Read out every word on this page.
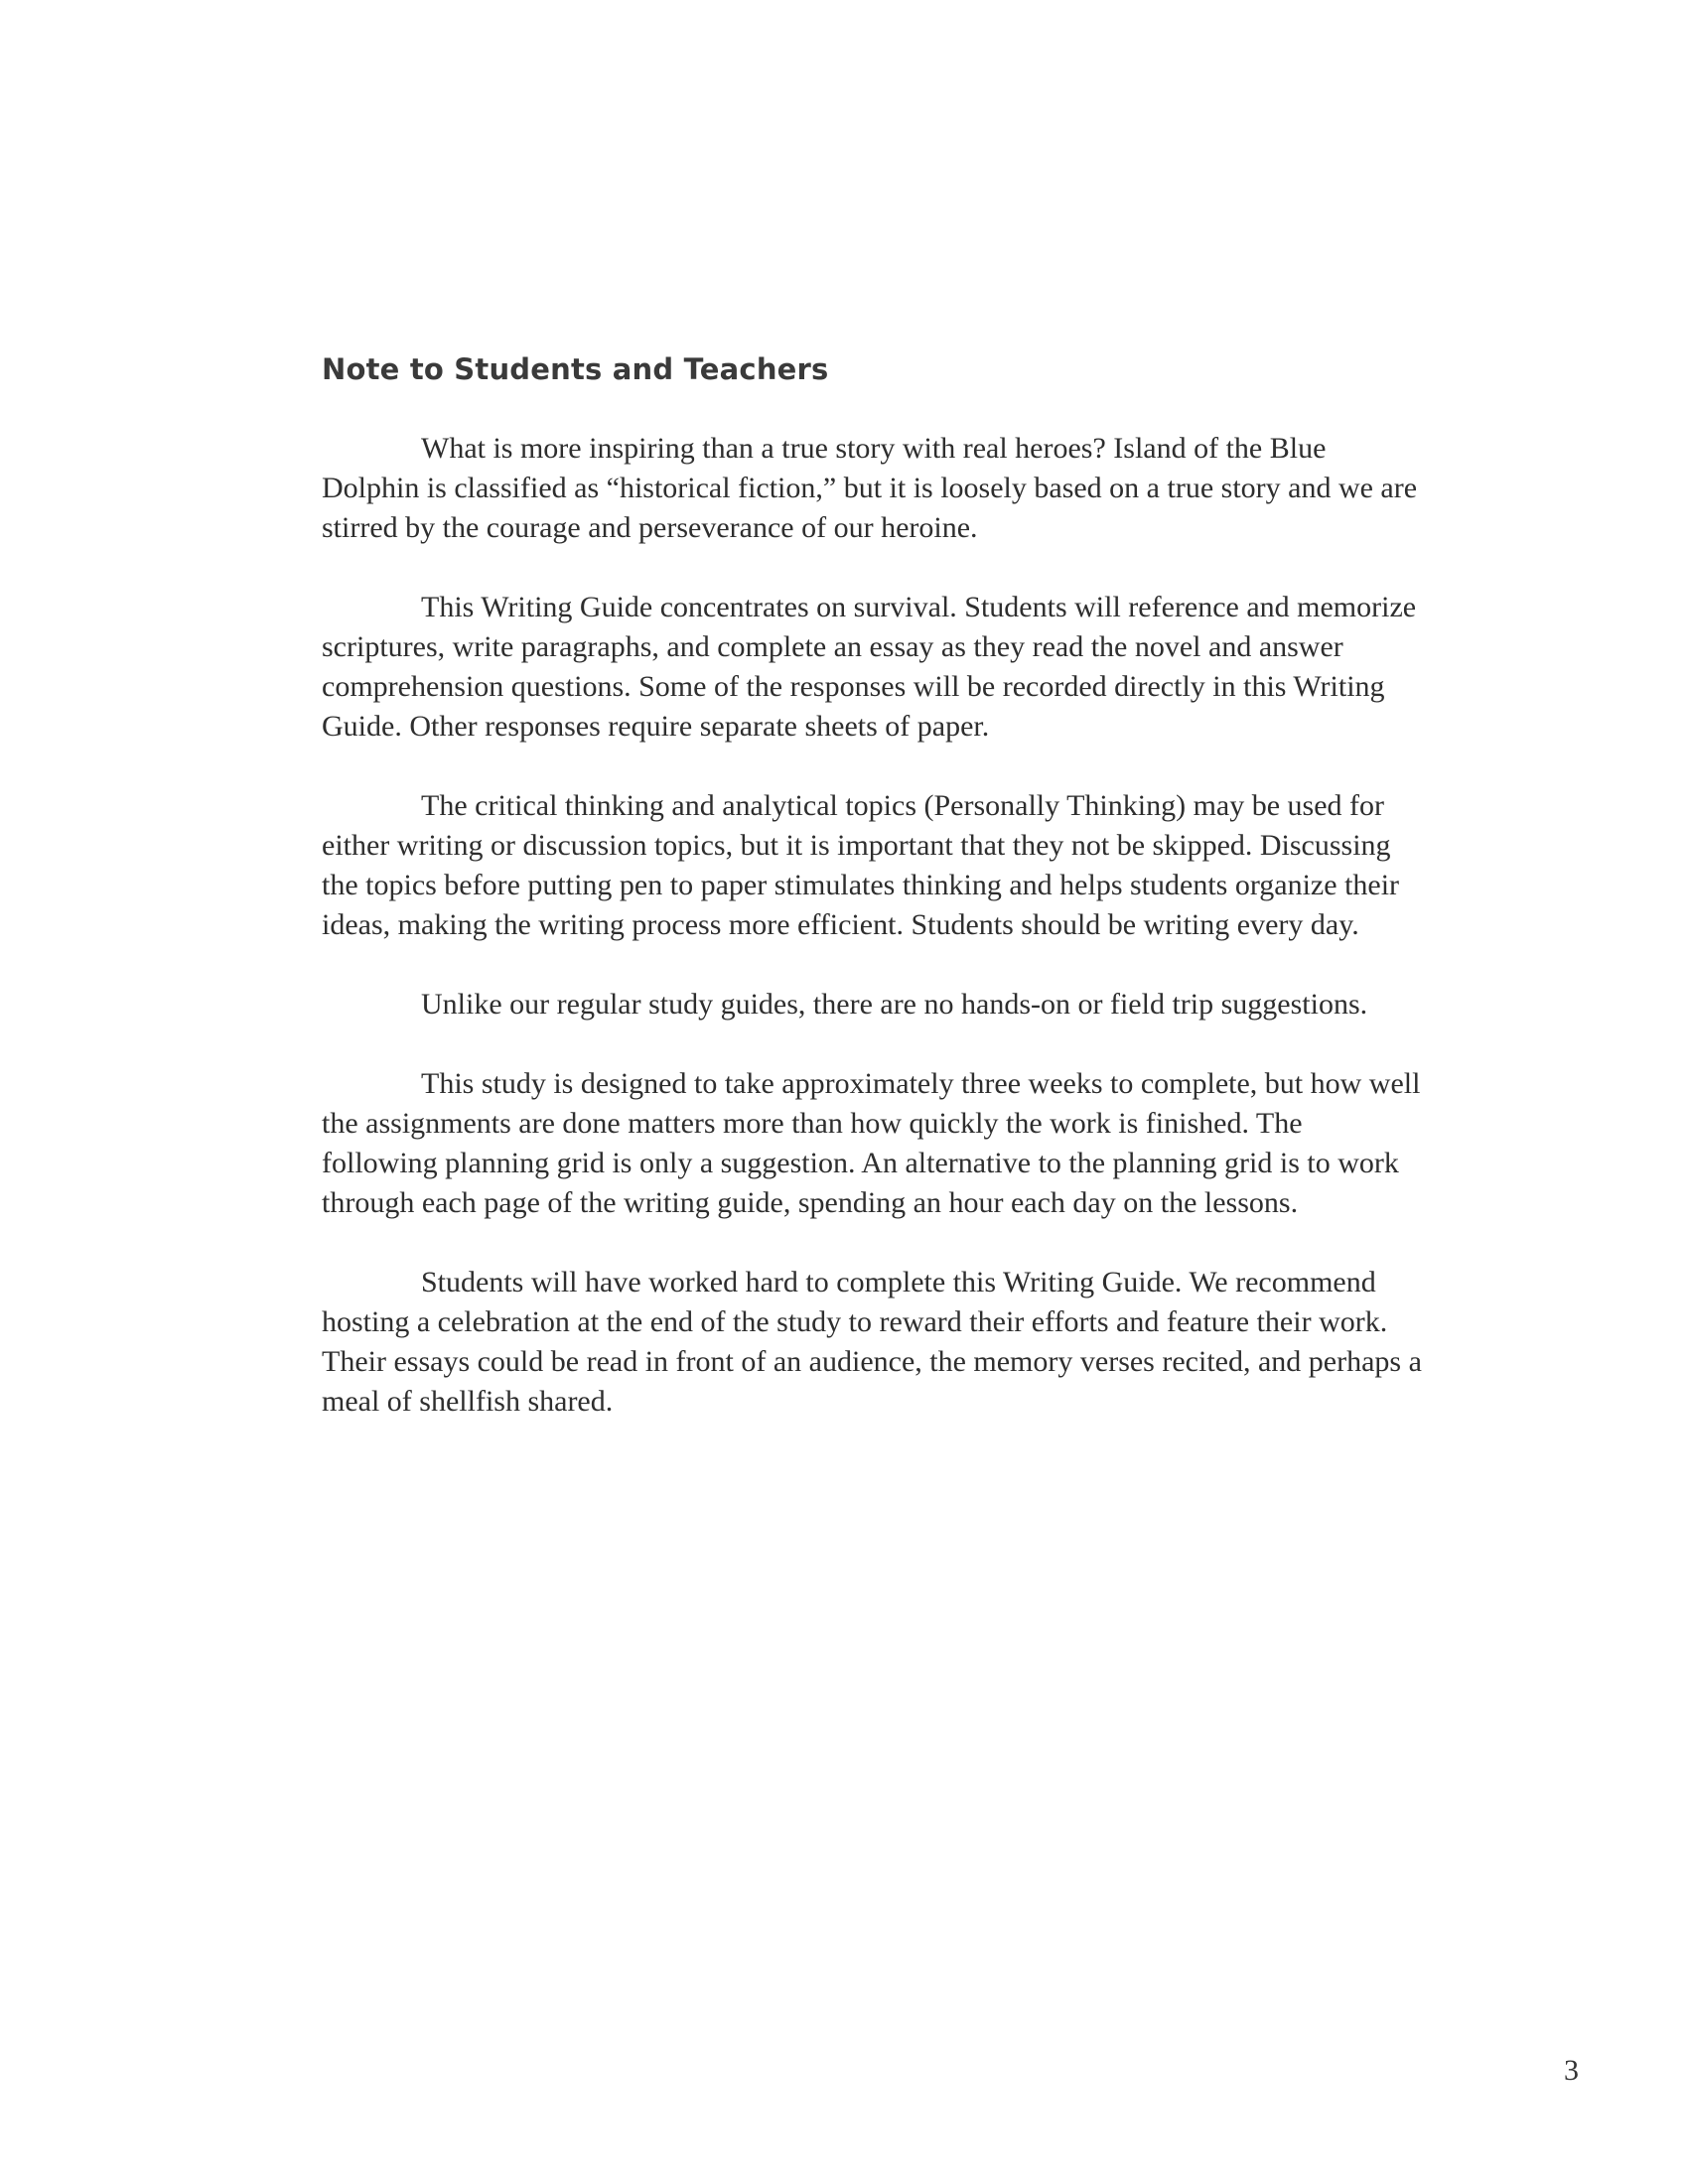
Note to Students and Teachers

What is more inspiring than a true story with real heroes? Island of the Blue Dolphin is classified as “historical fiction,” but it is loosely based on a true story and we are stirred by the courage and perseverance of our heroine.

This Writing Guide concentrates on survival. Students will reference and memorize scriptures, write paragraphs, and complete an essay as they read the novel and answer comprehension questions. Some of the responses will be recorded directly in this Writing Guide. Other responses require separate sheets of paper.

The critical thinking and analytical topics (Personally Thinking) may be used for either writing or discussion topics, but it is important that they not be skipped. Discussing the topics before putting pen to paper stimulates thinking and helps students organize their ideas, making the writing process more efficient. Students should be writing every day.

Unlike our regular study guides, there are no hands-on or field trip suggestions.

This study is designed to take approximately three weeks to complete, but how well the assignments are done matters more than how quickly the work is finished. The following planning grid is only a suggestion. An alternative to the planning grid is to work through each page of the writing guide, spending an hour each day on the lessons.

Students will have worked hard to complete this Writing Guide. We recommend hosting a celebration at the end of the study to reward their efforts and feature their work. Their essays could be read in front of an audience, the memory verses recited, and perhaps a meal of shellfish shared.

3
